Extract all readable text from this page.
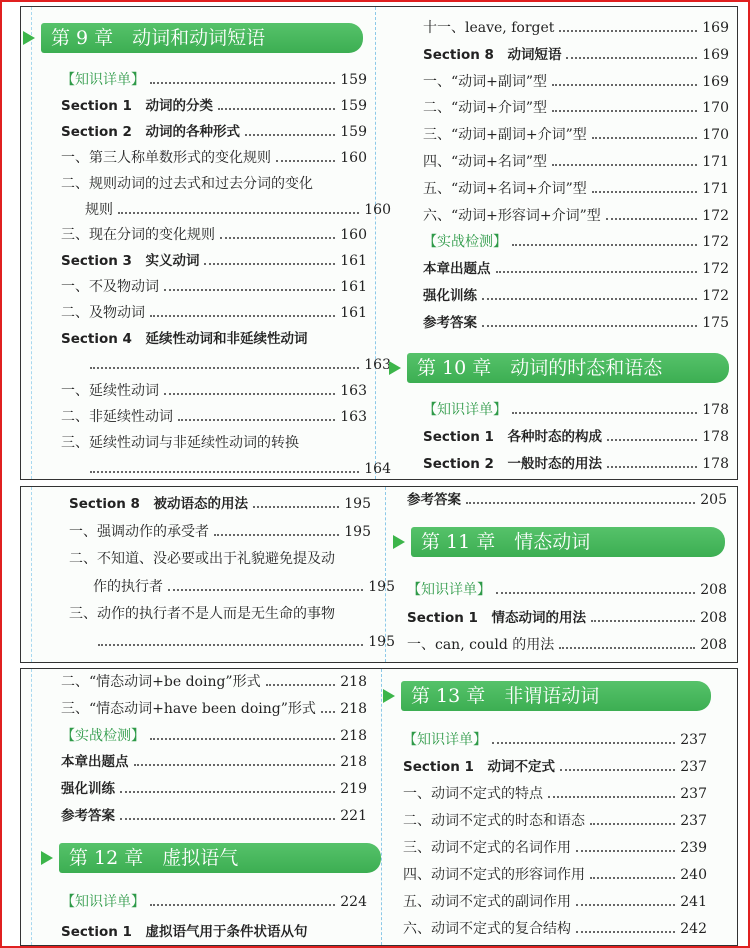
第 9 章　动词和动词短语
【知识详单】	159
Section 1　动词的分类	159
Section 2　动词的各种形式	159
一、第三人称单数形式的变化规则	160
二、规则动词的过去式和过去分词的变化
规则	160
三、现在分词的变化规则	160
Section 3　实义动词	161
一、不及物动词	161
二、及物动词	161
Section 4　延续性动词和非延续性动词
163
一、延续性动词	163
二、非延续性动词	163
三、延续性动词与非延续性动词的转换
164
十一、leave, forget	169
Section 8　动词短语	169
一、“动词+副词”型	169
二、“动词+介词”型	170
三、“动词+副词+介词”型	170
四、“动词+名词”型	171
五、“动词+名词+介词”型	171
六、“动词+形容词+介词”型	172
【实战检测】	172
本章出题点	172
强化训练	172
参考答案	175
第 10 章　动词的时态和语态
【知识详单】	178
Section 1　各种时态的构成	178
Section 2　一般时态的用法	178
Section 8　被动语态的用法	195
一、强调动作的承受者	195
二、不知道、没必要或出于礼貌避免提及动
作的执行者	195
三、动作的执行者不是人而是无生命的事物
195
参考答案	205
第 11 章　情态动词
【知识详单】	208
Section 1　情态动词的用法	208
一、can, could 的用法	208
二、“情态动词+be doing”形式	218
三、“情态动词+have been doing”形式 218
【实战检测】	218
本章出题点	218
强化训练	219
参考答案	221
第 12 章　虚拟语气
【知识详单】	224
Section 1　虚拟语气用于条件状语从句
第 13 章　非谓语动词
【知识详单】	237
Section 1　动词不定式	237
一、动词不定式的特点	237
二、动词不定式的时态和语态	237
三、动词不定式的名词作用	239
四、动词不定式的形容词作用	240
五、动词不定式的副词作用	241
六、动词不定式的复合结构	242
